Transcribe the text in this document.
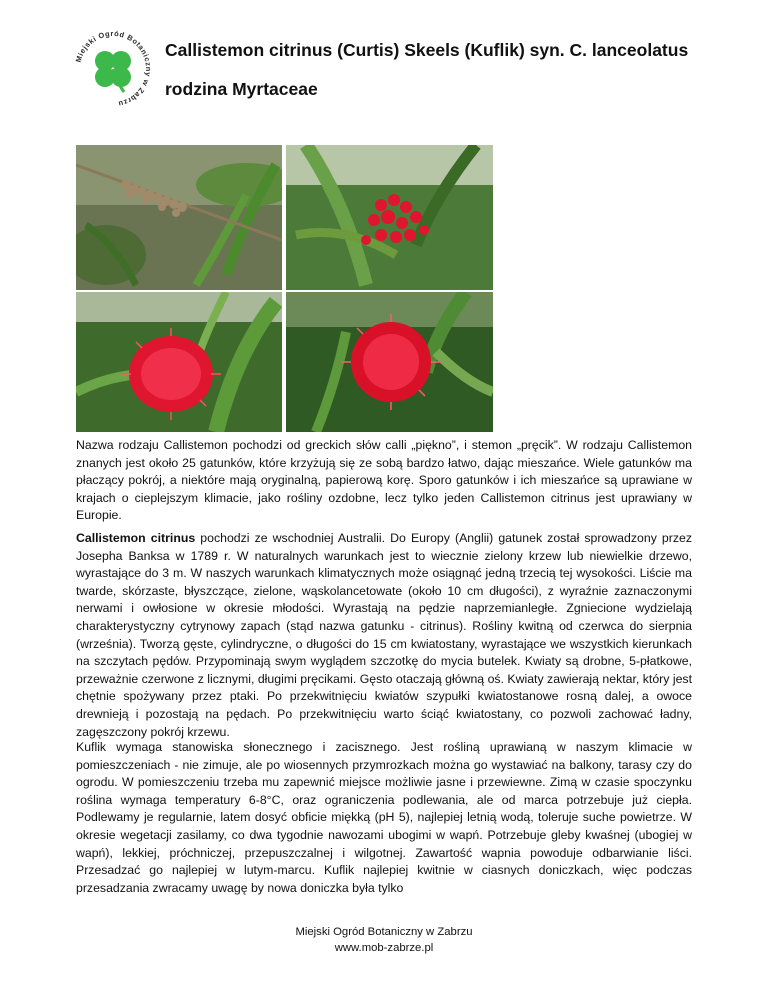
Miejski Ogród Botaniczny w Zabrzu
Callistemon citrinus (Curtis) Skeels (Kuflik) syn. C. lanceolatus
rodzina Myrtaceae

Nazwa rodzaju Callistemon pochodzi od greckich słów calli „piękno”, i stemon „pręcik”. W rodzaju Callistemon znanych jest około 25 gatunków, które krzyżują się ze sobą bardzo łatwo, dając mieszańce. Wiele gatunków ma płaczący pokrój, a niektóre mają oryginalną, papierową korę. Sporo gatunków i ich mieszańce są uprawiane w krajach o cieplejszym klimacie, jako rośliny ozdobne, lecz tylko jeden Callistemon citrinus jest uprawiany w Europie.

Callistemon citrinus pochodzi ze wschodniej Australii. Do Europy (Anglii) gatunek został sprowadzony przez Josepha Banksa w 1789 r. W naturalnych warunkach jest to wiecznie zielony krzew lub niewielkie drzewo, wyrastające do 3 m. W naszych warunkach klimatycznych może osiągnąć jedną trzecią tej wysokości. Liście ma twarde, skórzaste, błyszczące, zielone, wąskolancetowate (około 10 cm długości), z wyraźnie zaznaczonymi nerwami i owłosione w okresie młodości. Wyrastają na pędzie naprzemianległe. Zgniecione wydzielają charakterystyczny cytrynowy zapach (stąd nazwa gatunku - citrinus). Rośliny kwitną od czerwca do sierpnia (września). Tworzą gęste, cylindryczne, o długości do 15 cm kwiatostany, wyrastające we wszystkich kierunkach na szczytach pędów. Przypominają swym wyglądem szczotkę do mycia butelek. Kwiaty są drobne, 5-płatkowe, przeważnie czerwone z licznymi, długimi pręcikami. Gęsto otaczają główną oś. Kwiaty zawierają nektar, który jest chętnie spożywany przez ptaki. Po przekwitnięciu kwiatów szypułki kwiatostanowe rosną dalej, a owoce drewnieją i pozostają na pędach. Po przekwitnięciu warto ściąć kwiatostany, co pozwoli zachować ładny, zagęszczony pokrój krzewu.

Kuflik wymaga stanowiska słonecznego i zacisznego. Jest rośliną uprawianą w naszym klimacie w pomieszczeniach - nie zimuje, ale po wiosennych przymrozkach można go wystawiać na balkony, tarasy czy do ogrodu. W pomieszczeniu trzeba mu zapewnić miejsce możliwie jasne i przewiewne. Zimą w czasie spoczynku roślina wymaga temperatury 6-8°C, oraz ograniczenia podlewania, ale od marca potrzebuje już ciepła. Podlewamy je regularnie, latem dosyć obficie miękką (pH 5), najlepiej letnią wodą, toleruje suche powietrze. W okresie wegetacji zasilamy, co dwa tygodnie nawozami ubogimi w wapń. Potrzebuje gleby kwaśnej (ubogiej w wapń), lekkiej, próchniczej, przepuszczalnej i wilgotnej. Zawartość wapnia powoduje odbarwianie liści. Przesadzać go najlepiej w lutym-marcu. Kuflik najlepiej kwitnie w ciasnych doniczkach, więc podczas przesadzania zwracamy uwagę by nowa doniczka była tylko

Miejski Ogród Botaniczny w Zabrzu
www.mob-zabrze.pl
